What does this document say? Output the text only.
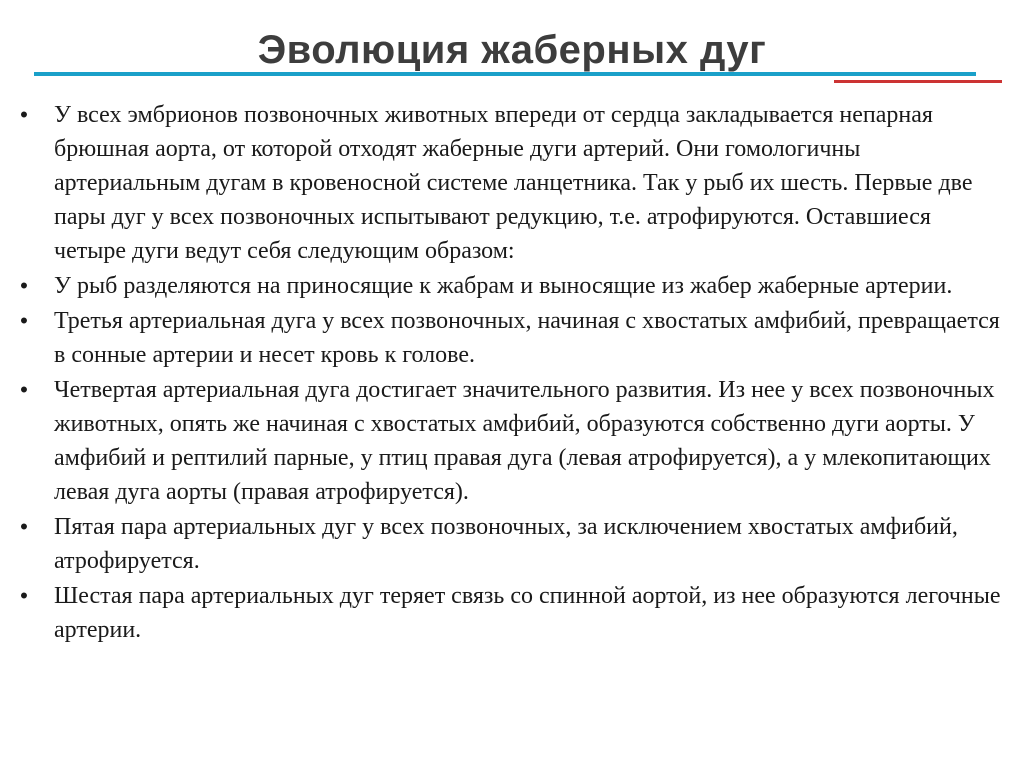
Эволюция жаберных дуг
• У всех эмбрионов позвоночных животных впереди от сердца закладывается непарная брюшная аорта, от которой отходят жаберные дуги артерий. Они гомологичны артериальным дугам в кровеносной системе ланцетника. Так у рыб их шесть. Первые две пары дуг у всех позвоночных испытывают редукцию, т.е. атрофируются. Оставшиеся четыре дуги ведут себя следующим образом:
• У рыб разделяются на приносящие к жабрам и выносящие из жабер жаберные артерии.
• Третья артериальная дуга у всех позвоночных, начиная с хвостатых амфибий, превращается в сонные артерии и несет кровь к голове.
• Четвертая артериальная дуга достигает значительного развития. Из нее у всех позвоночных животных, опять же начиная с хвостатых амфибий, образуются собственно дуги аорты. У амфибий и рептилий парные, у птиц правая дуга (левая атрофируется), а у млекопитающих левая дуга аорты (правая атрофируется).
• Пятая пара артериальных дуг у всех позвоночных, за исключением хвостатых амфибий, атрофируется.
• Шестая пара артериальных дуг теряет связь со спинной аортой, из нее образуются легочные артерии.
